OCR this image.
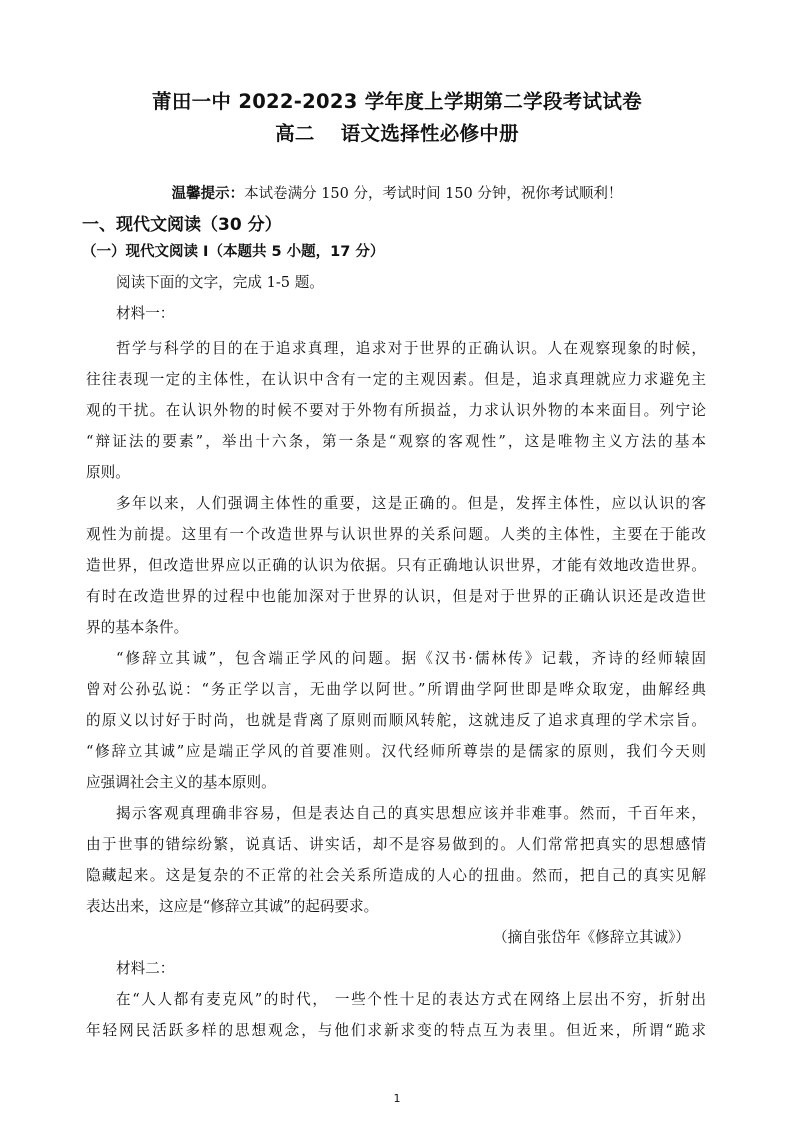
莆田一中 2022-2023 学年度上学期第二学段考试试卷
高二 语文选择性必修中册
温馨提示：本试卷满分 150 分，考试时间 150 分钟，祝你考试顺利！
一、现代文阅读（30 分）
（一）现代文阅读 I（本题共 5 小题，17 分）
阅读下面的文字，完成 1-5 题。
材料一：
哲学与科学的目的在于追求真理，追求对于世界的正确认识。人在观察现象的时候，
往往表现一定的主体性，在认识中含有一定的主观因素。但是，追求真理就应力求避免主
观的干扰。在认识外物的时候不要对于外物有所损益，力求认识外物的本来面目。列宁论
“辩证法的要素”，举出十六条，第一条是“观察的客观性”，这是唯物主义方法的基本
原则。
多年以来，人们强调主体性的重要，这是正确的。但是，发挥主体性，应以认识的客
观性为前提。这里有一个改造世界与认识世界的关系问题。人类的主体性，主要在于能改
造世界，但改造世界应以正确的认识为依据。只有正确地认识世界，才能有效地改造世界。
有时在改造世界的过程中也能加深对于世界的认识，但是对于世界的正确认识还是改造世
界的基本条件。
“修辞立其诚”，包含端正学风的问题。据《汉书·儒林传》记载，齐诗的经师辕固
曾对公孙弘说：“务正学以言，无曲学以阿世。”所谓曲学阿世即是哗众取宠，曲解经典
的原义以讨好于时尚，也就是背离了原则而顺风转舵，这就违反了追求真理的学术宗旨。
“修辞立其诚”应是端正学风的首要准则。汉代经师所尊崇的是儒家的原则，我们今天则
应强调社会主义的基本原则。
揭示客观真理确非容易，但是表达自己的真实思想应该并非难事。然而，千百年来，
由于世事的错综纷繁，说真话、讲实话，却不是容易做到的。人们常常把真实的思想感情
隐藏起来。这是复杂的不正常的社会关系所造成的人心的扭曲。然而，把自己的真实见解
表达出来，这应是“修辞立其诚”的起码要求。
（摘自张岱年《修辞立其诚》）
材料二：
在“人人都有麦克风”的时代， 一些个性十足的表达方式在网络上层出不穷，折射出
年轻网民活跃多样的思想观念，与他们求新求变的特点互为表里。但近来，所谓“跪求
1
